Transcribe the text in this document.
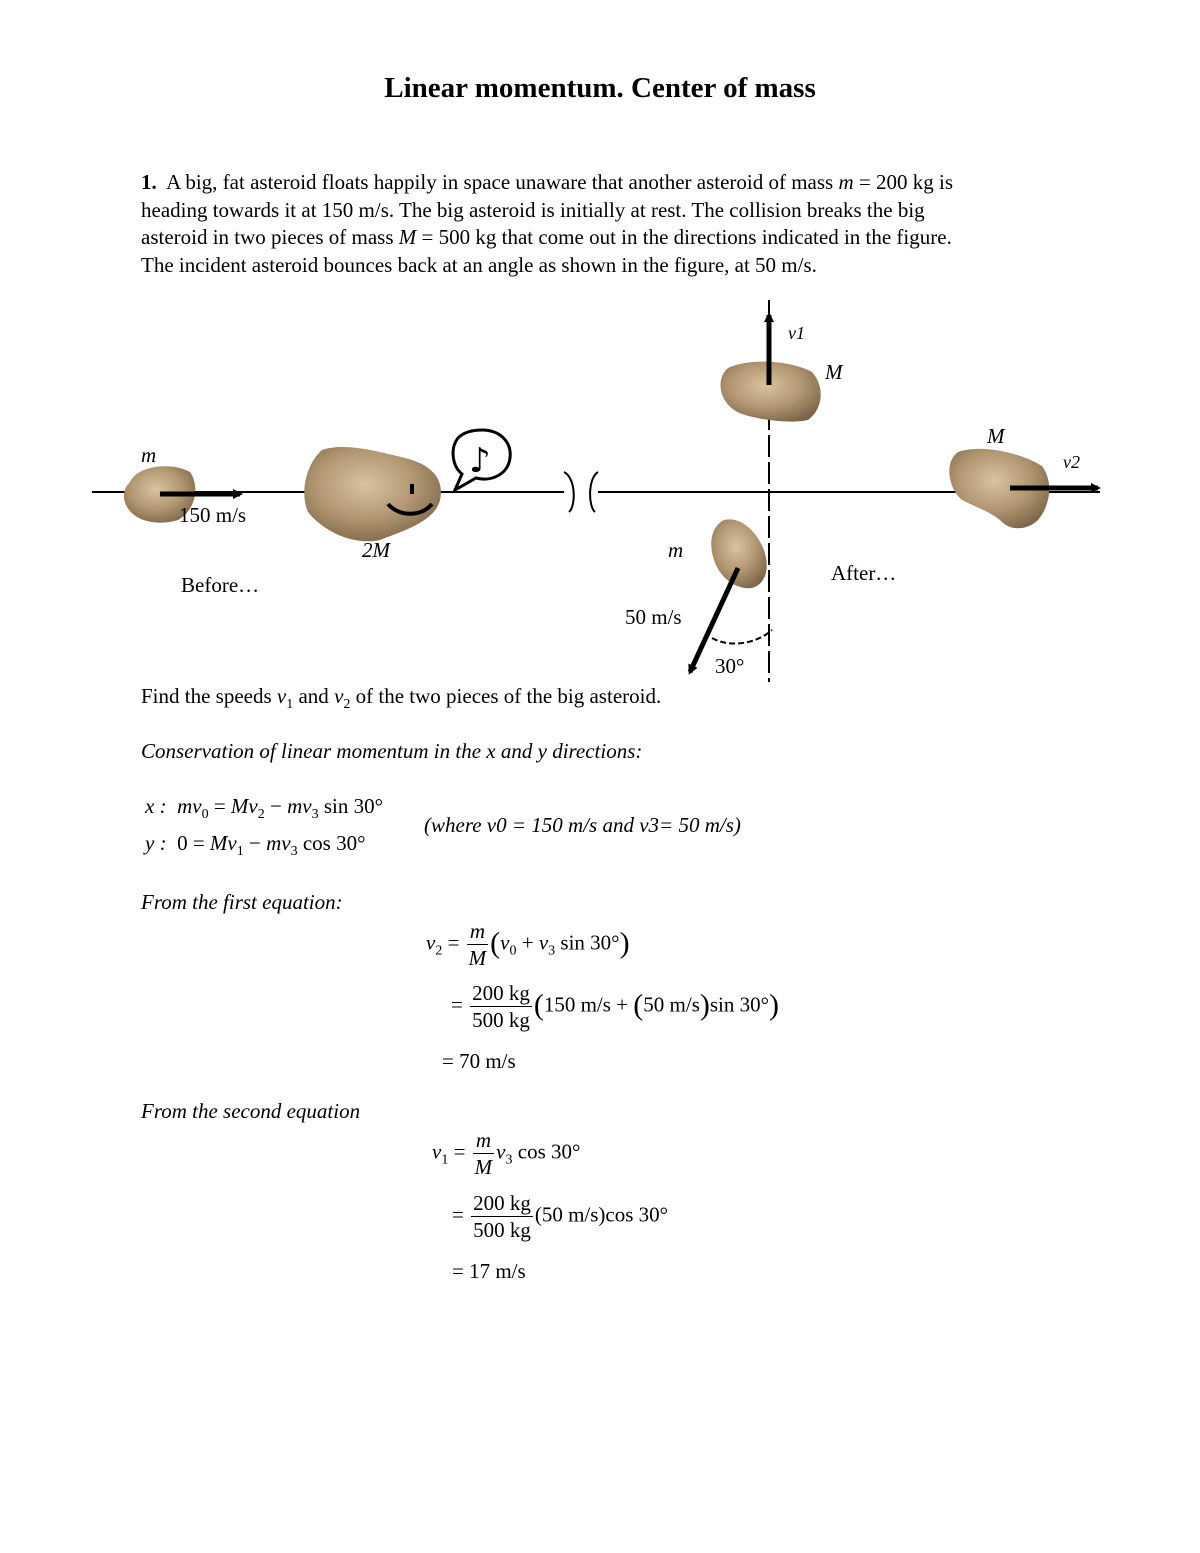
Linear momentum. Center of mass
1. A big, fat asteroid floats happily in space unaware that another asteroid of mass m = 200 kg is
heading towards it at 150 m/s. The big asteroid is initially at rest. The collision breaks the big
asteroid in two pieces of mass M = 500 kg that come out in the directions indicated in the figure.
The incident asteroid bounces back at an angle as shown in the figure, at 50 m/s.
♪
m
150 m/s
2M
Before…
v1
M
M
v2
m
50 m/s
30°
After…
Find the speeds $v_1$ and $v_2$ of the two pieces of the big asteroid.
Conservation of linear momentum in the x and y directions:
x : $mv_0 = Mv_2 - mv_3$ sin 30°
y :  $0 = Mv_1 - mv_3$ cos 30°
(where v0 = 150 m/s and v3= 50 m/s)
From the first equation:
$v_2 = \frac{m}{M} (v_0 + v_3$ sin 30°)
= $\frac{200 kg}{500 kg} (150$ m/s + (50 m/s)sin 30°)
= 70 m/s
From the second equation
$v_1 = \frac{m}{M} v_3$ cos 30°
= $\frac{200 kg}{500 kg} (50$ m/s)cos 30°
= 17 m/s
